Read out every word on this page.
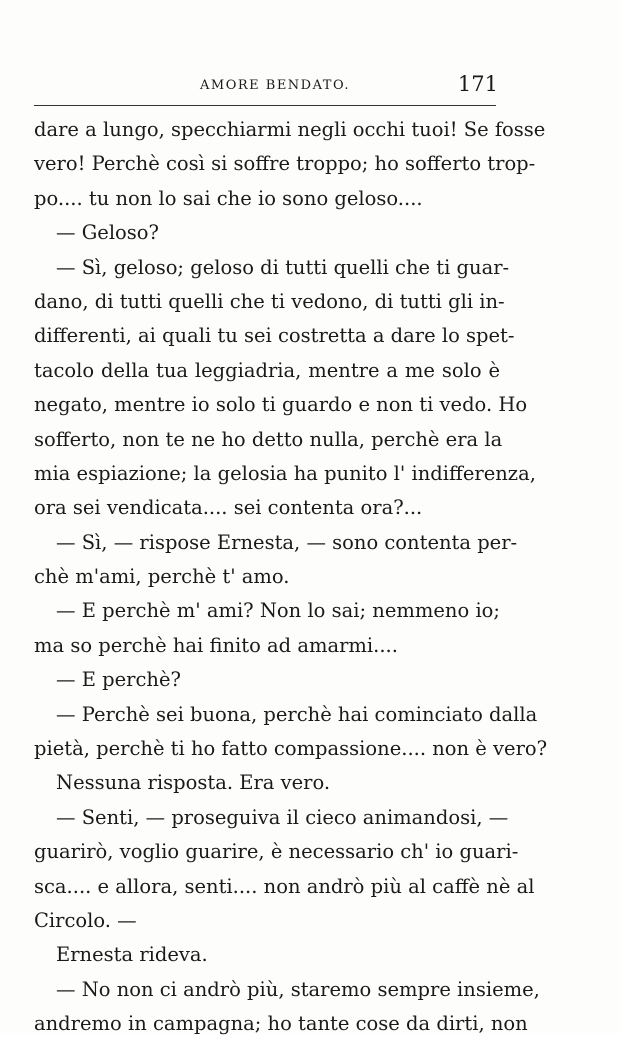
AMORE BENDATO.	171
dare a lungo, specchiarmi negli occhi tuoi! Se fosse
vero! Perchè così si soffre troppo; ho sofferto trop-
po.... tu non lo sai che io sono geloso....
— Geloso?
— Sì, geloso; geloso di tutti quelli che ti guar-
dano, di tutti quelli che ti vedono, di tutti gli in-
differenti, ai quali tu sei costretta a dare lo spet-
tacolo della tua leggiadria, mentre a me solo è
negato, mentre io solo ti guardo e non ti vedo. Ho
sofferto, non te ne ho detto nulla, perchè era la
mia espiazione; la gelosia ha punito l' indifferenza,
ora sei vendicata.... sei contenta ora?...
— Sì, — rispose Ernesta, — sono contenta per-
chè m'ami, perchè t' amo.
— E perchè m' ami? Non lo sai; nemmeno io;
ma so perchè hai finito ad amarmi....
— E perchè?
— Perchè sei buona, perchè hai cominciato dalla
pietà, perchè ti ho fatto compassione.... non è vero?
Nessuna risposta. Era vero.
— Senti, — proseguiva il cieco animandosi, —
guarirò, voglio guarire, è necessario ch' io guari-
sca.... e allora, senti.... non andrò più al caffè nè al
Circolo. —
Ernesta rideva.
— No non ci andrò più, staremo sempre insieme,
andremo in campagna; ho tante cose da dirti, non
